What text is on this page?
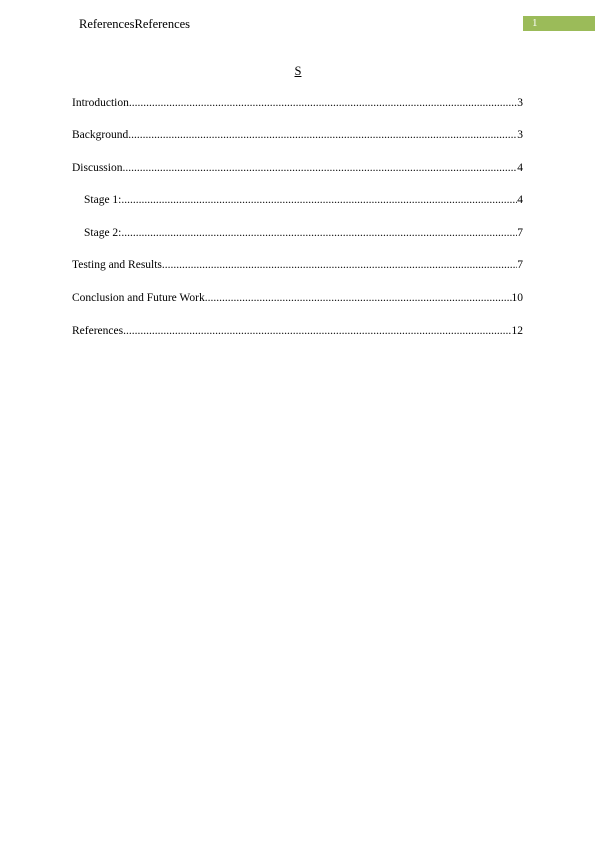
ReferencesReferences	1
S
Introduction .....	3
Background .....	3
Discussion .....	4
Stage 1: .....	4
Stage 2: .....	7
Testing and Results .....	7
Conclusion and Future Work .....	10
References .....	12
